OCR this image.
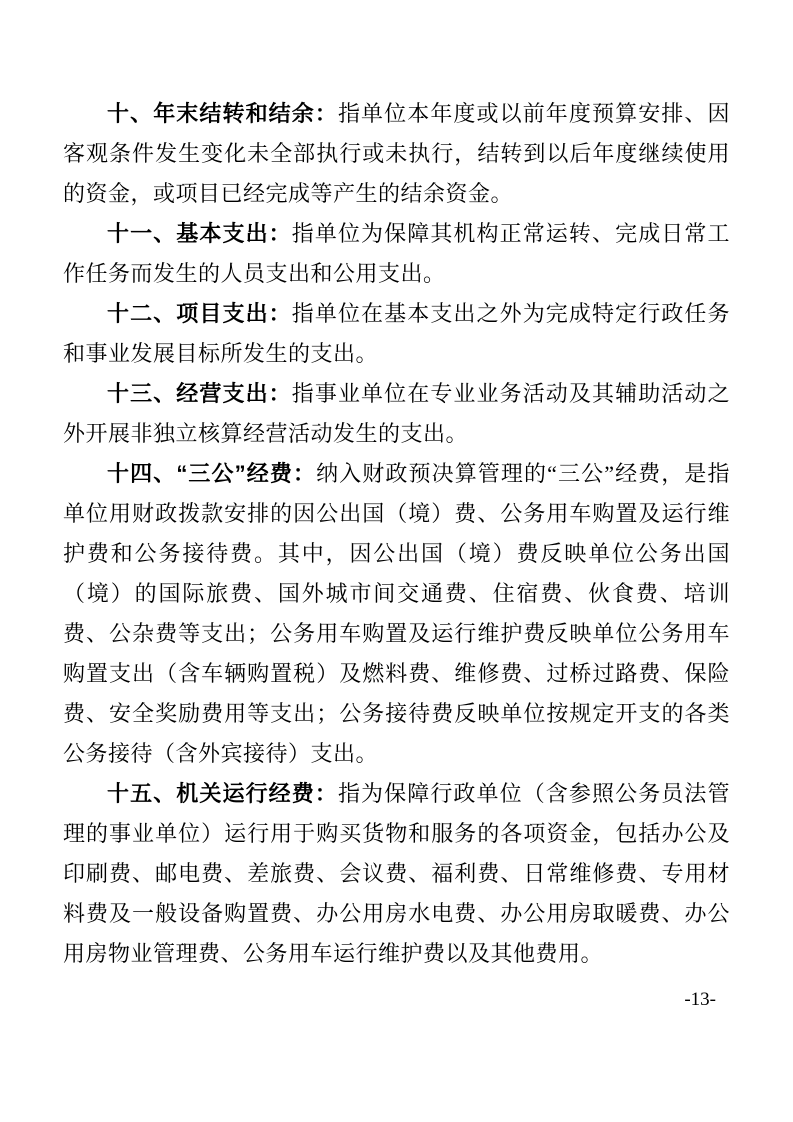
十、年末结转和结余：指单位本年度或以前年度预算安排、因客观条件发生变化未全部执行或未执行，结转到以后年度继续使用的资金，或项目已经完成等产生的结余资金。

十一、基本支出：指单位为保障其机构正常运转、完成日常工作任务而发生的人员支出和公用支出。

十二、项目支出：指单位在基本支出之外为完成特定行政任务和事业发展目标所发生的支出。

十三、经营支出：指事业单位在专业业务活动及其辅助活动之外开展非独立核算经营活动发生的支出。

十四、“三公”经费：纳入财政预决算管理的“三公”经费，是指单位用财政拨款安排的因公出国（境）费、公务用车购置及运行维护费和公务接待费。其中，因公出国（境）费反映单位公务出国（境）的国际旅费、国外城市间交通费、住宿费、伙食费、培训费、公杂费等支出；公务用车购置及运行维护费反映单位公务用车购置支出（含车辆购置税）及燃料费、维修费、过桥过路费、保险费、安全奖励费用等支出；公务接待费反映单位按规定开支的各类公务接待（含外宾接待）支出。

十五、机关运行经费：指为保障行政单位（含参照公务员法管理的事业单位）运行用于购买货物和服务的各项资金，包括办公及印刷费、邮电费、差旅费、会议费、福利费、日常维修费、专用材料费及一般设备购置费、办公用房水电费、办公用房取暖费、办公用房物业管理费、公务用车运行维护费以及其他费用。

-13-
